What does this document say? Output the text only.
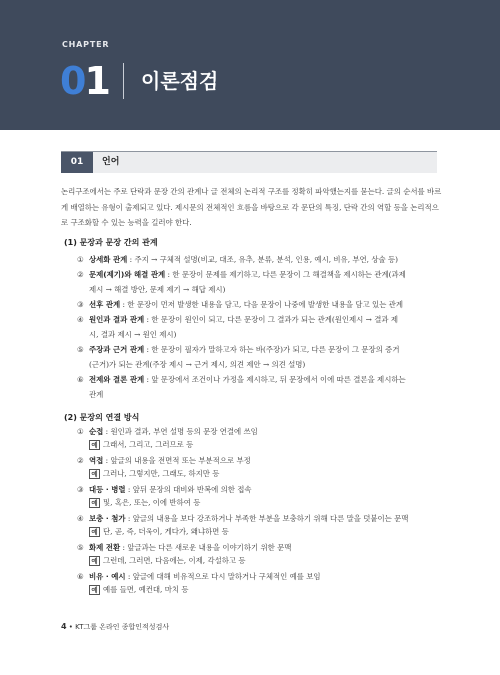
CHAPTER
01 이론점검
01	언어

논리구조에서는 주로 단락과 문장 간의 관계나 글 전체의 논리적 구조를 정확히 파악했는지를 묻는다. 글의 순서를 바르게 배열하는 유형이 출제되고 있다. 제시문의 전체적인 흐름을 바탕으로 각 문단의 특징, 단락 간의 역할 등을 논리적으로 구조화할 수 있는 능력을 길러야 한다.

(1) 문장과 문장 간의 관계
① 상세화 관계 : 주지 → 구체적 설명(비교, 대조, 유추, 분류, 분석, 인용, 예시, 비유, 부연, 상술 등)
② 문제(제기)와 해결 관계 : 한 문장이 문제를 제기하고, 다른 문장이 그 해결책을 제시하는 관계(과제
제시 → 해결 방안, 문제 제기 → 해답 제시)
③ 선후 관계 : 한 문장이 먼저 발생한 내용을 담고, 다음 문장이 나중에 발생한 내용을 담고 있는 관계
④ 원인과 결과 관계 : 한 문장이 원인이 되고, 다른 문장이 그 결과가 되는 관계(원인제시 → 결과 제
시, 결과 제시 → 원인 제시)
⑤ 주장과 근거 관계 : 한 문장이 필자가 말하고자 하는 바(주장)가 되고, 다른 문장이 그 문장의 증거
(근거)가 되는 관계(주장 제시 → 근거 제시, 의견 제안 → 의견 설명)
⑥ 전제와 결론 관계 : 앞 문장에서 조건이나 가정을 제시하고, 뒤 문장에서 이에 따른 결론을 제시하는
관계
(2) 문장의 연결 방식
① 순접 : 원인과 결과, 부연 설명 등의 문장 연결에 쓰임
예 그래서, 그리고, 그러므로 등
② 역접 : 앞글의 내용을 전면적 또는 부분적으로 부정
예 그러나, 그렇지만, 그래도, 하지만 등
③ 대등 · 병렬 : 앞뒤 문장의 대비와 반복에 의한 접속
예 및, 혹은, 또는, 이에 반하여 등
④ 보충 · 첨가 : 앞글의 내용을 보다 강조하거나 부족한 부분을 보충하기 위해 다른 말을 덧붙이는 문맥
예 단, 곧, 즉, 더욱이, 게다가, 왜냐하면 등
⑤ 화제 전환 : 앞글과는 다른 새로운 내용을 이야기하기 위한 문맥
예 그런데, 그러면, 다음에는, 이제, 각설하고 등
⑥ 비유 · 예시 : 앞글에 대해 비유적으로 다시 말하거나 구체적인 예를 보임
예 예를 들면, 예컨대, 마치 등
4 • KT그룹 온라인 종합인적성검사
